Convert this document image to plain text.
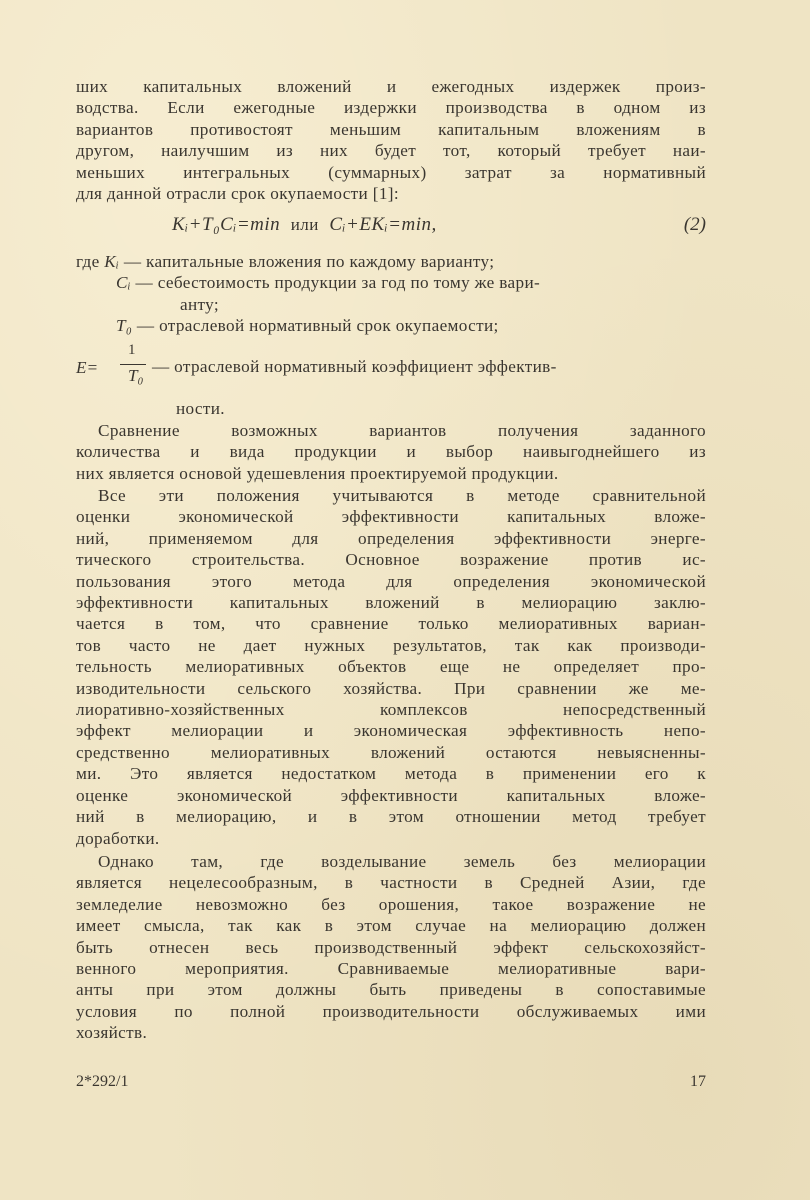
ших капитальных вложений и ежегодных издержек произ-
водства. Если ежегодные издержки производства в одном из
вариантов противостоят меньшим капитальным вложениям в
другом, наилучшим из них будет тот, который требует наи-
меньших интегральных (суммарных) затрат за нормативный
для данной отрасли срок окупаемости [1]:
Kᵢ+T₀Cᵢ=min или Cᵢ+EKᵢ=min,	(2)
где Kᵢ — капитальные вложения по каждому варианту;
Cᵢ — себестоимость продукции за год по тому же вари-
анту;
T₀ — отраслевой нормативный срок окупаемости;
E=
1
T₀ — отраслевой нормативный коэффициент эффектив-
ности.
Сравнение возможных вариантов получения заданного
количества и вида продукции и выбор наивыгоднейшего из
них является основой удешевления проектируемой продукции.
Все эти положения учитываются в методе сравнительной
оценки экономической эффективности капитальных вложе-
ний, применяемом для определения эффективности энерге-
тического строительства. Основное возражение против ис-
пользования этого метода для определения экономической
эффективности капитальных вложений в мелиорацию заклю-
чается в том, что сравнение только мелиоративных вариан-
тов часто не дает нужных результатов, так как производи-
тельность мелиоративных объектов еще не определяет про-
изводительности сельского хозяйства. При сравнении же ме-
лиоративно-хозяйственных комплексов непосредственный
эффект мелиорации и экономическая эффективность непо-
средственно мелиоративных вложений остаются невыясненны-
ми. Это является недостатком метода в применении его к
оценке экономической эффективности капитальных вложе-
ний в мелиорацию, и в этом отношении метод требует
доработки.
Однако там, где возделывание земель без мелиорации
является нецелесообразным, в частности в Средней Азии, где
земледелие невозможно без орошения, такое возражение не
имеет смысла, так как в этом случае на мелиорацию должен
быть отнесен весь производственный эффект сельскохозяйст-
венного мероприятия. Сравниваемые мелиоративные вари-
анты при этом должны быть приведены в сопоставимые
условия по полной производительности обслуживаемых ими
хозяйств.
2*292/1	17
